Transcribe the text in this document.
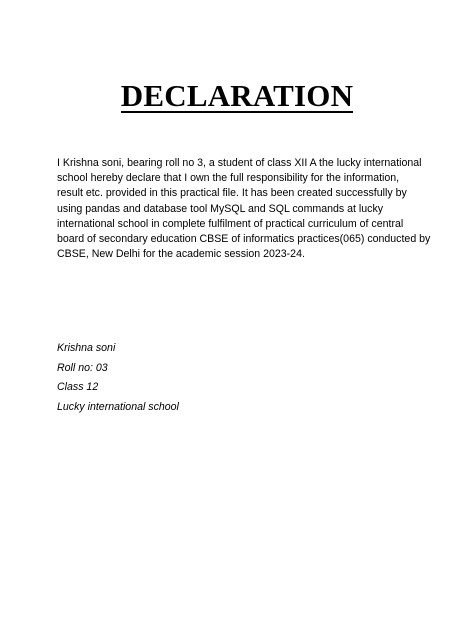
DECLARATION

I Krishna soni, bearing roll no 3, a student of class XII A the lucky international
school hereby declare that I own the full responsibility for the information,
result etc. provided in this practical file. It has been created successfully by
using pandas and database tool MySQL and SQL commands at lucky
international school in complete fulfilment of practical curriculum of central
board of secondary education CBSE of informatics practices(065) conducted by
CBSE, New Delhi for the academic session 2023-24.

Krishna soni
Roll no: 03
Class 12
Lucky international school
